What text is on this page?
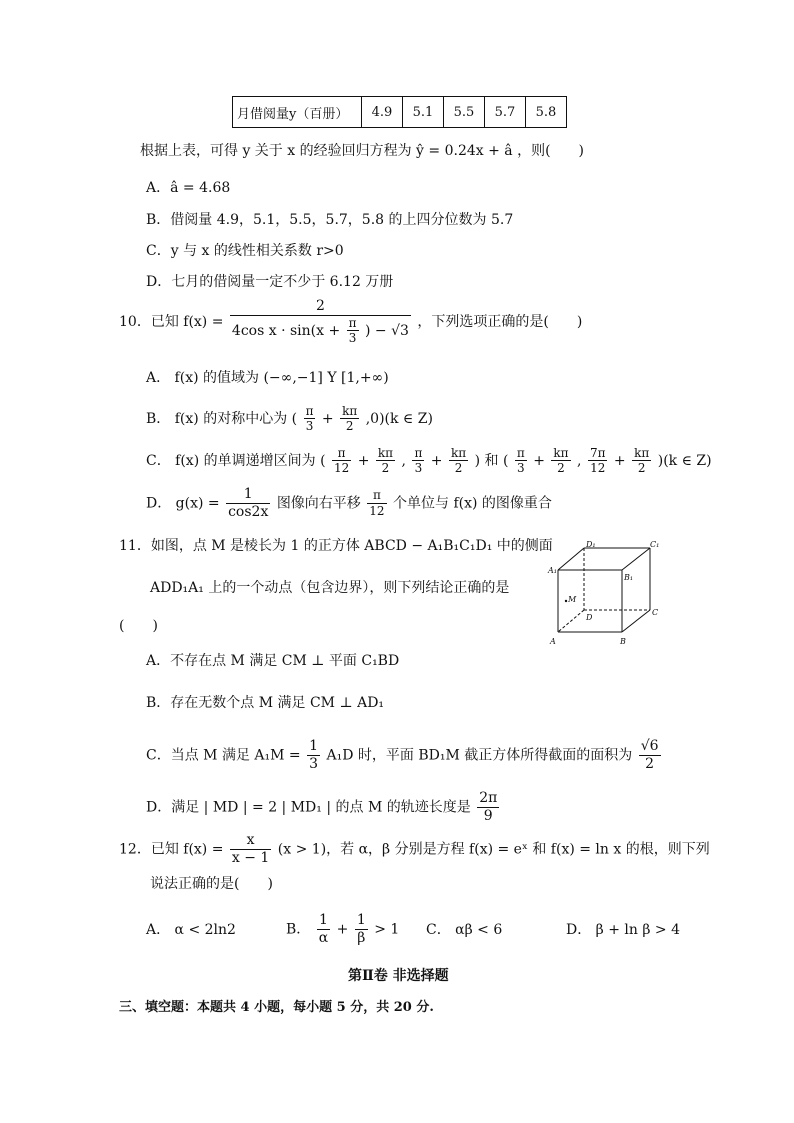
月借阅量y（百册）	4.9	5.1	5.5	5.7	5.8
根据上表，可得 y 关于 x 的经验回归方程为 ŷ = 0.24x + â ，则(　　)
A．â = 4.68
B．借阅量 4.9，5.1，5.5，5.7，5.8 的上四分位数为 5.7
C．y 与 x 的线性相关系数 r>0
D．七月的借阅量一定不少于 6.12 万册
10．已知 f(x) =
2
4cos $x \cdot \sin(x + \frac{\pi}{3}$ ) − √3
，下列选项正确的是(　　)
A． f(x) 的值域为 (−∞,−1] Y [1,+∞)
B． f(x) 的对称中心为 ( $\frac{\pi}{3} + \frac{k\pi}{2} ,0)(k$ ∈ Z)
C． f(x) 的单调递增区间为 ( $\frac{\pi}{12} + \frac{k\pi}{2}$ , $\frac{\pi}{3} + \frac{k\pi}{2}$ ) 和 ( $\frac{\pi}{3} + \frac{k\pi}{2}$ , $\frac{7\pi}{12} + \frac{k\pi}{2} )(k$ ∈ Z)
D． $g(x) = \frac{1}{\cos 2x}$ 图像向右平移 $\frac{\pi}{12}$ 个单位与 f(x) 的图像重合
11．如图，点 M 是棱长为 1 的正方体 ABCD − A₁B₁C₁D₁ 中的侧面
ADD₁A₁ 上的一个动点（包含边界），则下列结论正确的是
(　　)
A．不存在点 M 满足 CM ⊥ 平面 C₁BD
B．存在无数个点 M 满足 CM ⊥ AD₁
C．当点 M 满足 $A_1M = \frac{1}{3} A_1D$ 时，平面 BD₁M 截正方体所得截面的面积为 $\frac{√6}{2}$
D．满足 | MD | = 2 | MD₁ | 的点 M 的轨迹长度是 $\frac{2\pi}{9}$
D₁	C₁
A₁
B₁
M
D
C
A	B
12．已知 $f(x) = \frac{x}{x - 1} (x > 1)$，若 α，β 分别是方程 f(x) = eˣ 和 f(x) = ln x 的根，则下列
说法正确的是(　　)
A． α < 2ln2	B． $\frac{1}{\alpha} + \frac{1}{\beta} > 1$ C． αβ < 6	D． β + ln β > 4
第Ⅱ卷 非选择题
三、填空题：本题共 4 小题，每小题 5 分，共 20 分.
